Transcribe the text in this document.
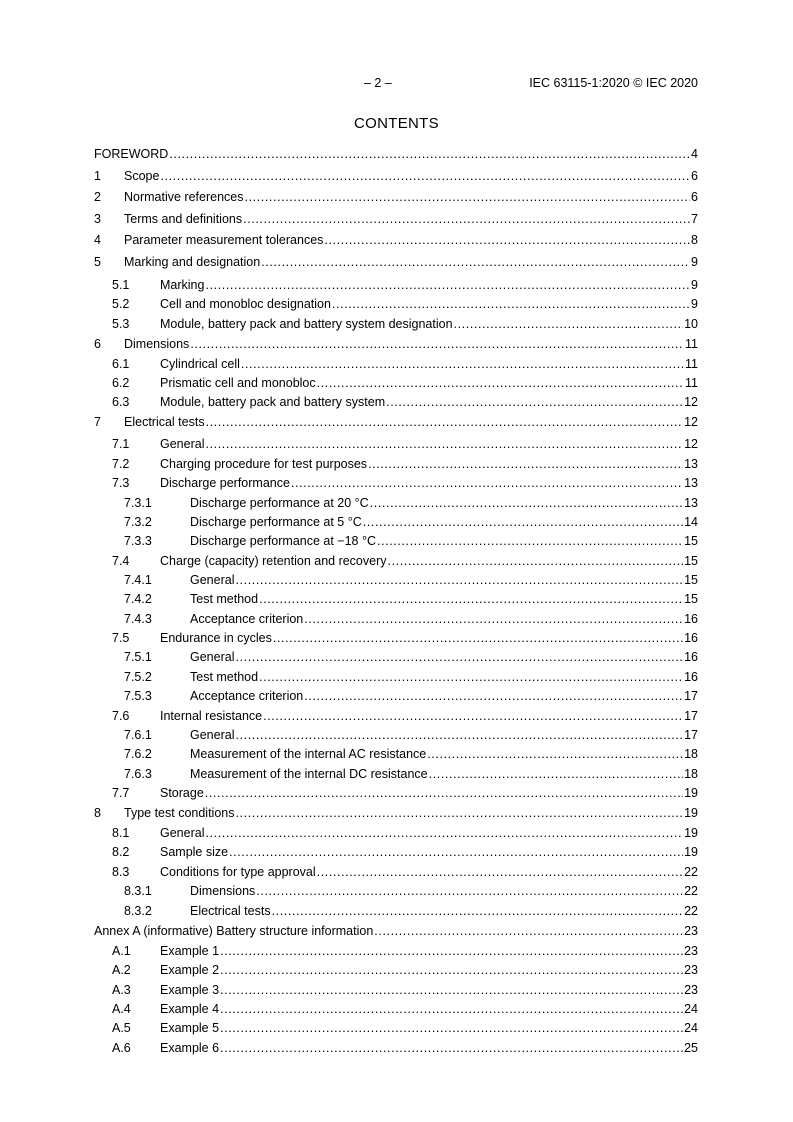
– 2 –	IEC 63115-1:2020 © IEC 2020
CONTENTS
FOREWORD .....	4
1 Scope .....	6
2 Normative references .....	6
3 Terms and definitions .....	7
4 Parameter measurement tolerances .....	8
5 Marking and designation .....	9
5.1 Marking .....	9
5.2 Cell and monobloc designation .....	9
5.3 Module, battery pack and battery system designation .....	10
6 Dimensions .....	11
6.1 Cylindrical cell .....	11
6.2 Prismatic cell and monobloc .....	11
6.3 Module, battery pack and battery system .....	12
7 Electrical tests .....	12
7.1 General .....	12
7.2 Charging procedure for test purposes .....	13
7.3 Discharge performance .....	13
7.3.1	Discharge performance at 20 °C .....	13
7.3.2	Discharge performance at 5 °C .....	14
7.3.3	Discharge performance at −18 °C .....	15
7.4 Charge (capacity) retention and recovery .....	15
7.4.1	General .....	15
7.4.2	Test method .....	15
7.4.3	Acceptance criterion .....	16
7.5 Endurance in cycles .....	16
7.5.1	General .....	16
7.5.2	Test method .....	16
7.5.3	Acceptance criterion .....	17
7.6 Internal resistance .....	17
7.6.1	General .....	17
7.6.2	Measurement of the internal AC resistance .....	18
7.6.3	Measurement of the internal DC resistance .....	18
7.7 Storage .....	19
8 Type test conditions .....	19
8.1 General .....	19
8.2 Sample size .....	19
8.3 Conditions for type approval .....	22
8.3.1	Dimensions .....	22
8.3.2	Electrical tests .....	22
Annex A (informative) Battery structure information .....	23
A.1 Example 1 .....	23
A.2 Example 2 .....	23
A.3 Example 3 .....	23
A.4 Example 4 .....	24
A.5 Example 5 .....	24
A.6 Example 6 .....	25
